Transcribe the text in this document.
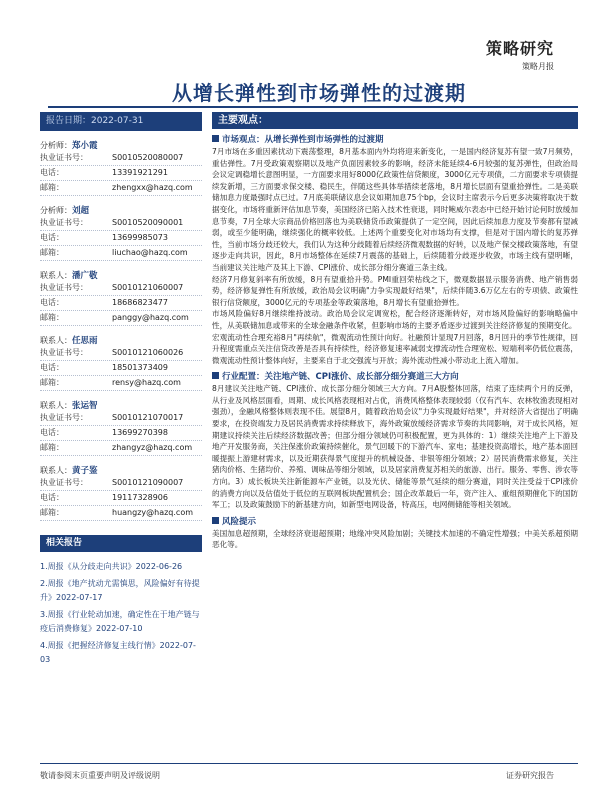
策略研究
策略月报
从增长弹性到市场弹性的过渡期
报告日期：2022-07-31
分析师：郑小霞
执业证书号：	S0010520080007
电话：	13391921291
邮箱：	zhengxx@hazq.com
分析师：刘超
执业证书号：	S0010520090001
电话：	13699985073
邮箱：	liuchao@hazq.com
联系人：潘广敬
执业证书号：	S0010121060007
电话：	18686823477
邮箱：	panggy@hazq.com
联系人：任思雨
执业证书号：	S0010121060026
电话：	18501373409
邮箱：	rensy@hazq.com
联系人：张运智
执业证书号：	S0010121070017
电话：	13699270398
邮箱：	zhangyz@hazq.com
联系人：黄子鉴
执业证书号：	S0010121090007
电话：	19117328906
邮箱：	huangzy@hazq.com
相关报告
1.周报《从分歧走向共识》2022-06-26
2.周报《地产扰动尤需慎思，风险偏好有待提升》2022-07-17
3.周报《行业轮动加速，确定性在于地产链与疫后消费修复》2022-07-10
4.周报《把握经济修复主线行情》2022-07-03
主要观点：
市场观点：从增长弹性到市场弹性的过渡期
7月市场在多重因素扰动下震荡整理，8月基本面内外均将迎来新变化，一是国内经济复苏有望一致7月频势，重估弹性。7月受政策观察期以及地产负面因素较多的影响，经济未能延续4-6月较强的复苏弹性，但政治局会议定调稳增长意图明显，一方面要求用好8000亿政策性信贷额度，3000亿元专项债，二方面要求专项债提续发新增，三方面要求保交楼、稳民生，伴随这些具体举措续老落地，8月增长层面有望重拾弹性。二是美联储加息力度最强时点已过。7月底美联储议息会议如期加息75个bp，会议时主席表示今后更多决策将取决于数据变化，市场将重新评估加息节奏，美国经济已陷入技术性衰退，同时鲍威尔表态中已经开始讨论何时放缓加息节奏，7月全球大宗商品价格回落也为美联储货币政策提供了一定空间，因此后续加息力度及节奏都有望减弱，或至少能明确，继续强化的概率较低。上述两个重要变化对市场均有支撑，但是对于国内增长的复苏弹性，当前市场分歧还较大，我们认为这种分歧随着后续经济微观数据的好转，以及地产保交楼政策落地，有望逐步走向共识，因此，8月市场整体在延续7月震荡的基础上，后续随着分歧逐步收敛，市场主线有望明晰，当前建议关注地产及其上下游、CPI涨价、成长部分细分赛道三条主线。
经济7月修复斜率有所放缓，8月有望重拾升势。PMI重回荣枯线之下，微观数据显示服务消费、地产销售弱势，经济修复弹性有所放缓，政治局会议明确"力争实现最好结果"，后续伴随3.6万亿左右的专项债、政策性银行信贷额度，3000亿元的专项基金等政策落地，8月增长有望重拾弹性。
市场风险偏好8月继续维持波动。政治局会议定调宽松，配合经济逐渐转好，对市场风险偏好的影响略偏中性，从美联储加息或带来的全球金融条件收紧，但影响市场的主要矛盾逐步过渡到关注经济修复的预期变化。
宏观流动性合理充裕8月"再续航"，微观流动性预计向好。社融预计显现7月回落，8月回升的季节性规律，回升程度需重点关注信贷改善是否具有持续性，经济修复速率减弱支撑流动性合理宽松、短端利率仍低位震荡，微观流动性预计整体向好，主要来自于北交强流与开放；海外流动性减小带动北上流入增加。
行业配置：关注地产链、CPI涨价、成长部分细分赛道三大方向
8月建议关注地产链、CPI涨价、成长部分细分领域三大方向。7月A股整体回落，结束了连续两个月的反弹，从行业及风格层面看，周期、成长风格表现相对占优，消费风格整体表现较弱（仅有汽车、农林牧渔表现相对强劲），金融风格整体则表现不佳。展望8月，随着政治局会议"力争实现最好结果"，并对经济大省提出了明确要求，在投资端发力及居民消费需求持续释放下，海外政策放缓经济需求节奏的共同影响，对于成长风格，短期建议持续关注后续经济数据改善；但部分细分领域仍可积极配置，更为具体的：1）继续关注地产上下游及地产开发服务商，关注保涨价政策持续催化，景气回暖下的下游汽车、家电；基建投资高增长，地产基本面回暖提振上游建材需求，以及近期获得景气度提升的机械设备、非银等细分领域；2）居民消费需求修复，关注猪肉价格、生猪均价、养殖、调味品等细分领域，以及居家消费复苏相关的旅游、出行。服务、零售、涉农等方向。3）成长板块关注新能源车产业链，以及光伏、储能等景气延续的细分赛道，同时关注受益于CPI涨价的消费方向以及估值处于低位的互联网板块配置机会；国企改革最后一年，资产注入、重组预期催化下的国防军工；以及政策鼓励下的新基建方向，如新型电网设备，特高压，电网侧储能等相关领域。
风险提示
美国加息超预期，全球经济衰退超预期；地缘冲突风险加剧；关键技术加速的不确定性增强；中美关系超预期恶化等。
敬请参阅末页重要声明及评级说明	证券研究报告
